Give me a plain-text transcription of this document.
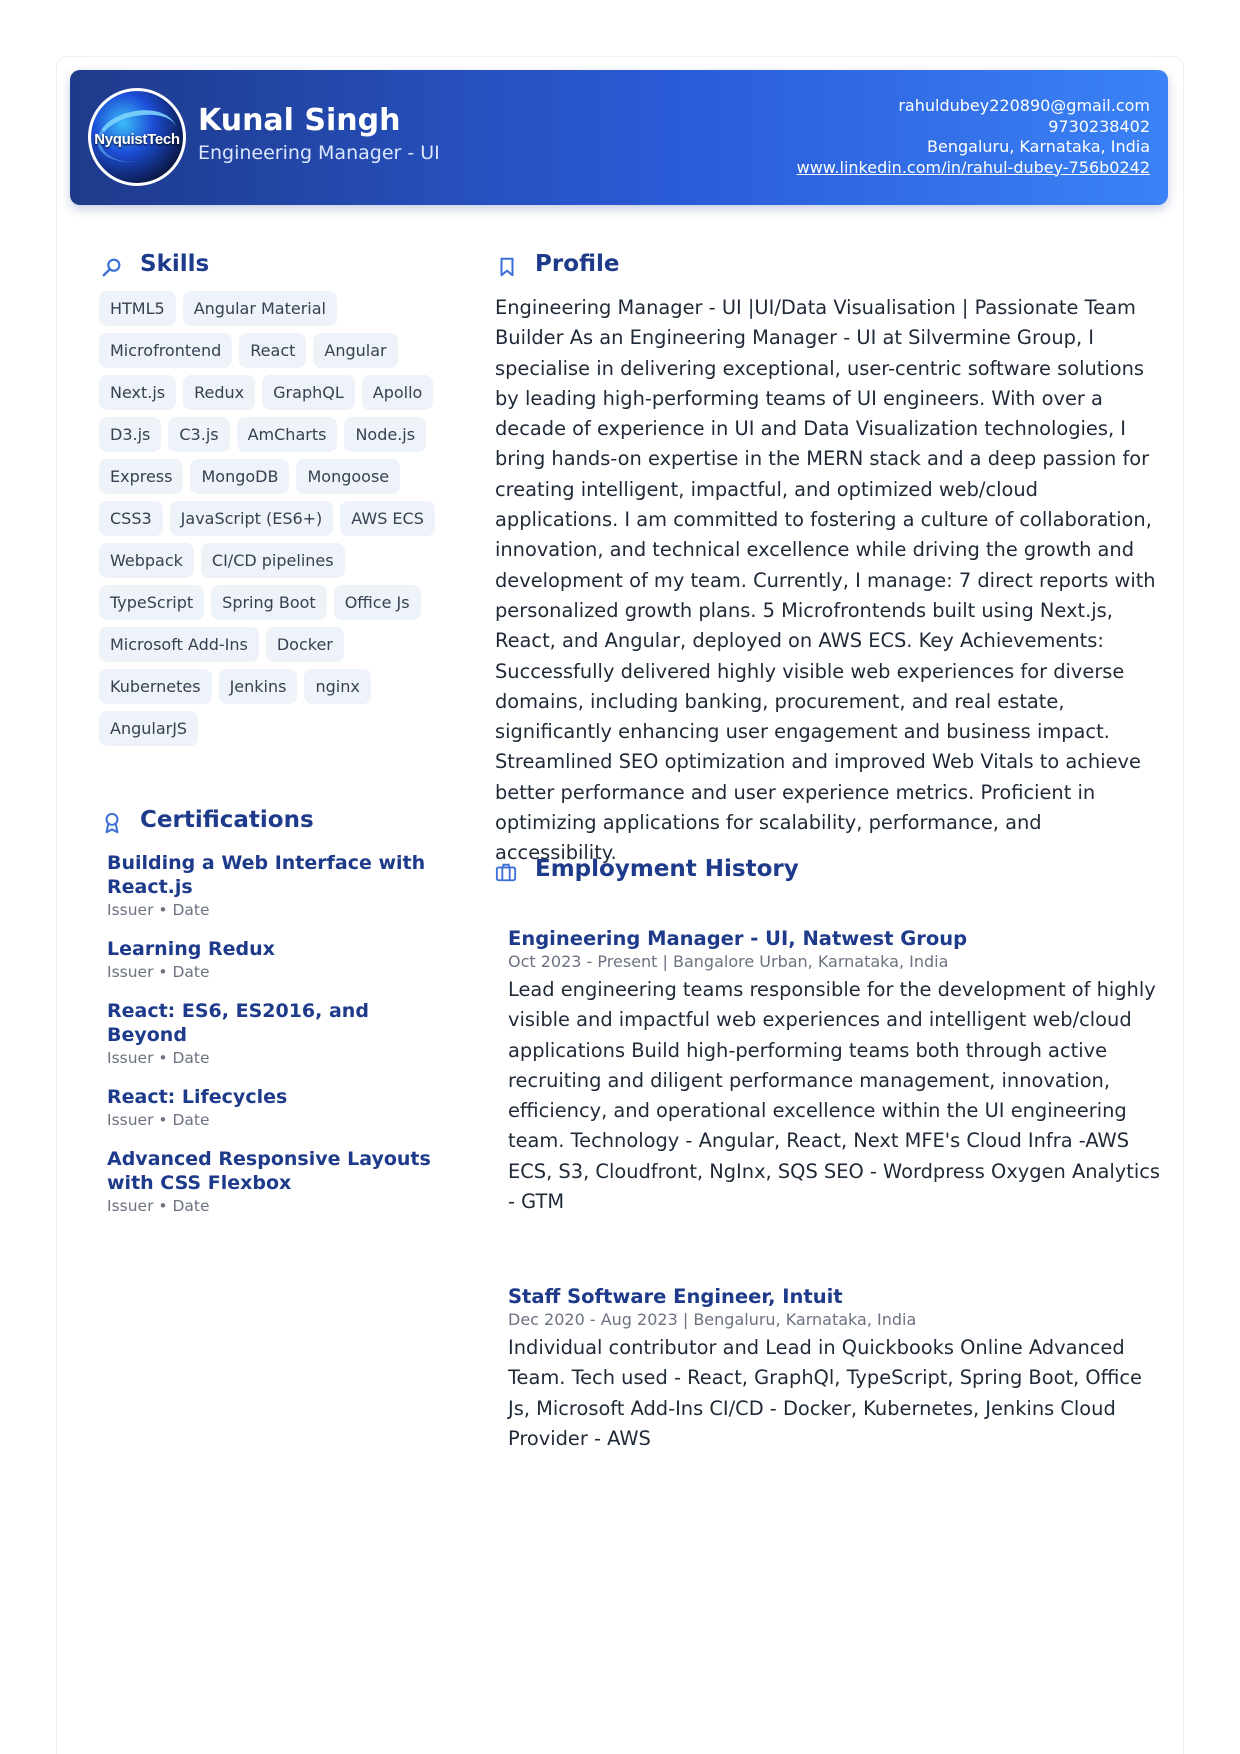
NyquistTech
Kunal Singh
Engineering Manager - UI
rahuldubey220890@gmail.com
9730238402
Bengaluru, Karnataka, India
www.linkedin.com/in/rahul-dubey-756b0242
Skills
HTML5	Angular Material
Microfrontend	React	Angular
Next.js	Redux	GraphQL	Apollo
D3.js	C3.js	AmCharts	Node.js
Express	MongoDB	Mongoose
CSS3	JavaScript (ES6+)	AWS ECS
Webpack	CI/CD pipelines
TypeScript	Spring Boot	Office Js
Microsoft Add-Ins	Docker
Kubernetes	Jenkins	nginx
AngularJS
Certifications
Building a Web Interface with React.js
Issuer • Date
Learning Redux
Issuer • Date
React: ES6, ES2016, and Beyond
Issuer • Date
React: Lifecycles
Issuer • Date
Advanced Responsive Layouts with CSS Flexbox
Issuer • Date
Profile
Engineering Manager - UI |UI/Data Visualisation | Passionate Team Builder As an Engineering Manager - UI at Silvermine Group, I specialise in delivering exceptional, user-centric software solutions by leading high-performing teams of UI engineers. With over a decade of experience in UI and Data Visualization technologies, I bring hands-on expertise in the MERN stack and a deep passion for creating intelligent, impactful, and optimized web/cloud applications. I am committed to fostering a culture of collaboration, innovation, and technical excellence while driving the growth and development of my team. Currently, I manage: 7 direct reports with personalized growth plans. 5 Microfrontends built using Next.js, React, and Angular, deployed on AWS ECS. Key Achievements: Successfully delivered highly visible web experiences for diverse domains, including banking, procurement, and real estate, significantly enhancing user engagement and business impact. Streamlined SEO optimization and improved Web Vitals to achieve better performance and user experience metrics. Proficient in optimizing applications for scalability, performance, and accessibility.
Employment History
Engineering Manager - UI, Natwest Group
Oct 2023 - Present | Bangalore Urban, Karnataka, India
Lead engineering teams responsible for the development of highly visible and impactful web experiences and intelligent web/cloud applications Build high-performing teams both through active recruiting and diligent performance management, innovation, efficiency, and operational excellence within the UI engineering team. Technology - Angular, React, Next MFE's Cloud Infra -AWS ECS, S3, Cloudfront, NgInx, SQS SEO - Wordpress Oxygen Analytics - GTM
Staff Software Engineer, Intuit
Dec 2020 - Aug 2023 | Bengaluru, Karnataka, India
Individual contributor and Lead in Quickbooks Online Advanced Team. Tech used - React, GraphQl, TypeScript, Spring Boot, Office Js, Microsoft Add-Ins CI/CD - Docker, Kubernetes, Jenkins Cloud Provider - AWS
